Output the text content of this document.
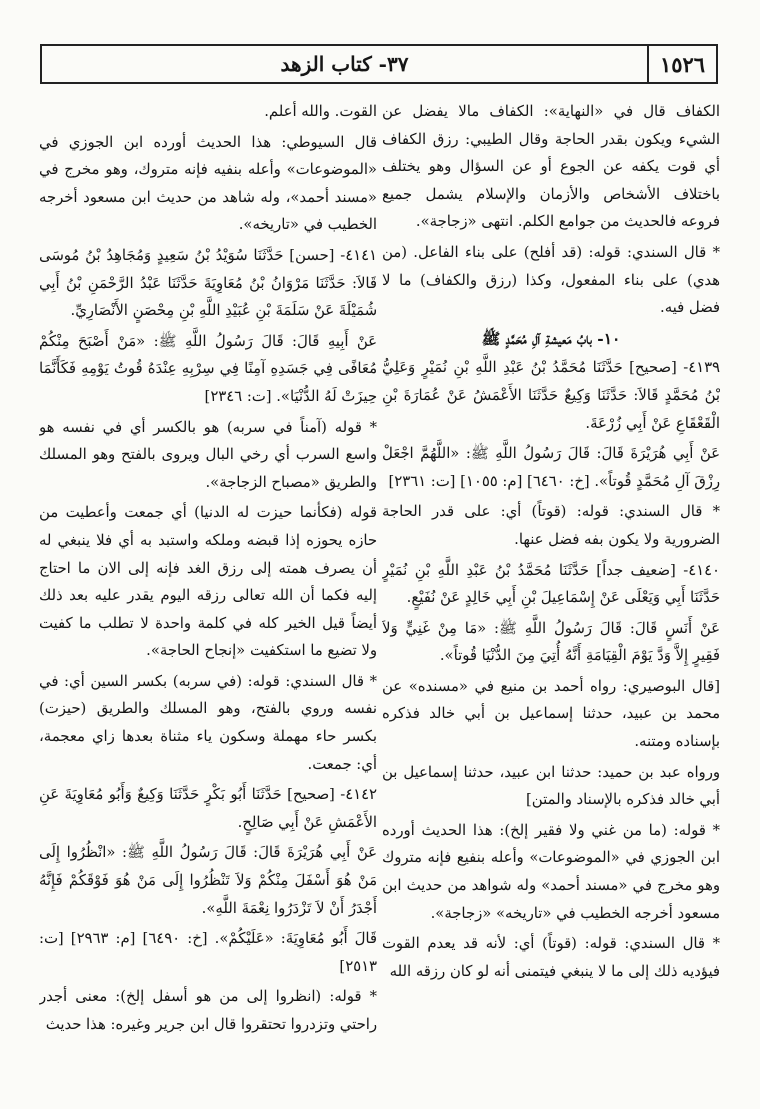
٣٧- كتاب الزهد	١٥٢٦

الكفاف قال في «النهاية»: الكفاف مالا يفضل عن الشيء ويكون بقدر الحاجة وقال الطيبي: رزق الكفاف أي قوت يكفه عن الجوع أو عن السؤال وهو يختلف باختلاف الأشخاص والأزمان والإسلام يشمل جميع فروعه فالحديث من جوامع الكلم. انتهى «زجاجة».

* قال السندي: قوله: (قد أفلح) على بناء الفاعل. (من هدي) على بناء المفعول، وكذا (رزق والكفاف) ما لا فضل فيه.

١٠- بابُ مَعيشةِ آلِ مُحَمَّدٍ ﷺ

٤١٣٩- [صحيح] حَدَّثَنَا مُحَمَّدُ بْنُ عَبْدِ اللَّهِ بْنِ نُمَيْرٍ وَعَلِيُّ بْنُ مُحَمَّدٍ قَالاَ: حَدَّثَنَا وَكِيعٌ حَدَّثَنَا الأَعْمَشُ عَنْ عُمَارَةَ بْنِ الْقَعْقَاعِ عَنْ أَبِي زُرْعَةَ.

عَنْ أَبِي هُرَيْرَةَ قَالَ: قَالَ رَسُولُ اللَّهِ ﷺ: «اللَّهُمَّ اجْعَلْ رِزْقَ آلِ مُحَمَّدٍ قُوتاً». [خ: ٦٤٦٠] [م: ١٠٥٥] [ت: ٢٣٦١]

* قال السندي: قوله: (قوتاً) أي: على قدر الحاجة الضرورية ولا يكون بفه فضل عنها.

٤١٤٠- [ضعيف جداً] حَدَّثَنَا مُحَمَّدُ بْنُ عَبْدِ اللَّهِ بْنِ نُمَيْرٍ حَدَّثَنَا أَبِي وَيَعْلَى عَنْ إِسْمَاعِيلَ بْنِ أَبِي خَالِدٍ عَنْ نُفَيْعٍ.

عَنْ أَنَسٍ قَالَ: قَالَ رَسُولُ اللَّهِ ﷺ: «مَا مِنْ غَنِيٍّ وَلاَ فَقِيرٍ إِلاَّ وَدَّ يَوْمَ الْقِيَامَةِ أَنَّهُ أُتِيَ مِنَ الدُّنْيَا قُوتاً».

[قال البوصيري: رواه أحمد بن منيع في «مسنده» عن محمد بن عبيد، حدثنا إسماعيل بن أبي خالد فذكره بإسناده ومتنه.

ورواه عبد بن حميد: حدثنا ابن عبيد، حدثنا إسماعيل بن أبي خالد فذكره بالإسناد والمتن]

* قوله: (ما من غني ولا فقير إلخ): هذا الحديث أورده ابن الجوزي في «الموضوعات» وأعله بنفيع فإنه متروك وهو مخرج في «مسند أحمد» وله شواهد من حديث ابن مسعود أخرجه الخطيب في «تاريخه» «زجاجة».

* قال السندي: قوله: (قوتاً) أي: لأنه قد يعدم القوت فيؤديه ذلك إلى ما لا ينبغي فيتمنى أنه لو كان رزقه الله

القوت. والله أعلم.

قال السيوطي: هذا الحديث أورده ابن الجوزي في «الموضوعات» وأعله بنفيه فإنه متروك، وهو مخرج في «مسند أحمد»، وله شاهد من حديث ابن مسعود أخرجه الخطيب في «تاريخه».

٤١٤١- [حسن] حَدَّثَنَا سُوَيْدُ بْنُ سَعِيدٍ وَمُجَاهِدُ بْنُ مُوسَى قَالاَ: حَدَّثَنَا مَرْوَانُ بْنُ مُعَاوِيَةَ حَدَّثَنَا عَبْدُ الرَّحْمَنِ بْنُ أَبِي شُمَيْلَةَ عَنْ سَلَمَةَ بْنِ عُبَيْدِ اللَّهِ بْنِ مِحْصَنٍ الأَنْصَارِيِّ.

عَنْ أَبِيهِ قَالَ: قَالَ رَسُولُ اللَّهِ ﷺ: «مَنْ أَصْبَحَ مِنْكُمْ مُعَافًى فِي جَسَدِهِ آمِنًا فِي سِرْبِهِ عِنْدَهُ قُوتُ يَوْمِهِ فَكَأَنَّمَا حِيزَتْ لَهُ الدُّنْيَا». [ت: ٢٣٤٦]

* قوله (آمناً في سربه) هو بالكسر أي في نفسه هو واسع السرب أي رخي البال ويروى بالفتح وهو المسلك والطريق «مصباح الزجاجة».

قوله (فكأنما حيزت له الدنيا) أي جمعت وأعطيت من حازه يحوزه إذا قبضه وملكه واستبد به أي فلا ينبغي له أن يصرف همته إلى رزق الغد فإنه إلى الان ما احتاج إليه فكما أن الله تعالى رزقه اليوم يقدر عليه بعد ذلك أيضاً قيل الخير كله في كلمة واحدة لا تطلب ما كفيت ولا تضيع ما استكفيت «إنجاح الحاجة».

* قال السندي: قوله: (في سربه) بكسر السين أي: في نفسه وروي بالفتح، وهو المسلك والطريق (حيزت) بكسر حاء مهملة وسكون ياء مثناة بعدها زاي معجمة، أي: جمعت.

٤١٤٢- [صحيح] حَدَّثَنَا أَبُو بَكْرٍ حَدَّثَنَا وَكِيعٌ وَأَبُو مُعَاوِيَةَ عَنِ الأَعْمَشِ عَنْ أَبِي صَالِحٍ.

عَنْ أَبِي هُرَيْرَةَ قَالَ: قَالَ رَسُولُ اللَّهِ ﷺ: «انْظُرُوا إِلَى مَنْ هُوَ أَسْفَلَ مِنْكُمْ وَلاَ تَنْظُرُوا إِلَى مَنْ هُوَ فَوْقَكُمْ فَإِنَّهُ أَجْدَرُ أَنْ لاَ تَزْدَرُوا نِعْمَةَ اللَّهِ».

قَالَ أَبُو مُعَاوِيَةَ: «عَلَيْكُمْ». [خ: ٦٤٩٠] [م: ٢٩٦٣] [ت: ٢٥١٣]

* قوله: (انظروا إلى من هو أسفل إلخ): معنى أجدر راحتي وتزدروا تحتقروا قال ابن جرير وغيره: هذا حديث
